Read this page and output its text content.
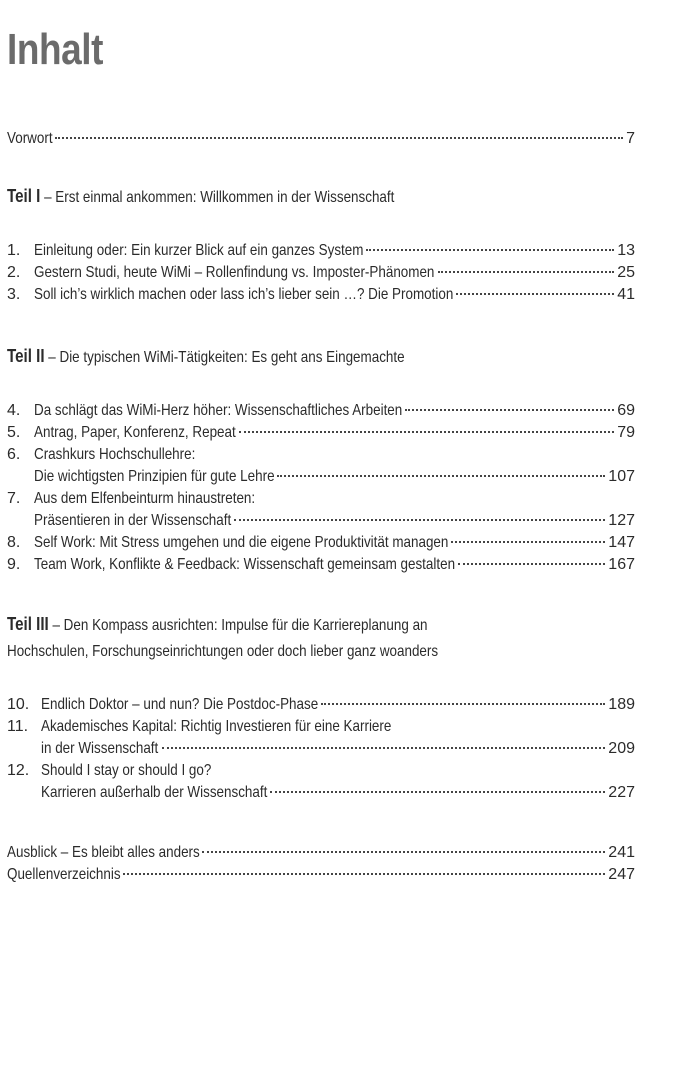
Inhalt
Vorwort	7
Teil I – Erst einmal ankommen: Willkommen in der Wissenschaft
1. Einleitung oder: Ein kurzer Blick auf ein ganzes System	13
2. Gestern Studi, heute WiMi – Rollenfindung vs. Imposter-Phänomen	25
3. Soll ich’s wirklich machen oder lass ich’s lieber sein …? Die Promotion	41
Teil II – Die typischen WiMi-Tätigkeiten: Es geht ans Eingemachte
4. Da schlägt das WiMi-Herz höher: Wissenschaftliches Arbeiten	69
5. Antrag, Paper, Konferenz, Repeat	79
6. Crashkurs Hochschullehre:
Die wichtigsten Prinzipien für gute Lehre	107
7. Aus dem Elfenbeinturm hinaustreten:
Präsentieren in der Wissenschaft	127
8. Self Work: Mit Stress umgehen und die eigene Produktivität managen	147
9. Team Work, Konflikte & Feedback: Wissenschaft gemeinsam gestalten	167
Teil III – Den Kompass ausrichten: Impulse für die Karriereplanung an
Hochschulen, Forschungseinrichtungen oder doch lieber ganz woanders
10. Endlich Doktor – und nun? Die Postdoc-Phase	189
11. Akademisches Kapital: Richtig Investieren für eine Karriere
in der Wissenschaft	209
12. Should I stay or should I go?
Karrieren außerhalb der Wissenschaft	227
Ausblick – Es bleibt alles anders	241
Quellenverzeichnis	247
